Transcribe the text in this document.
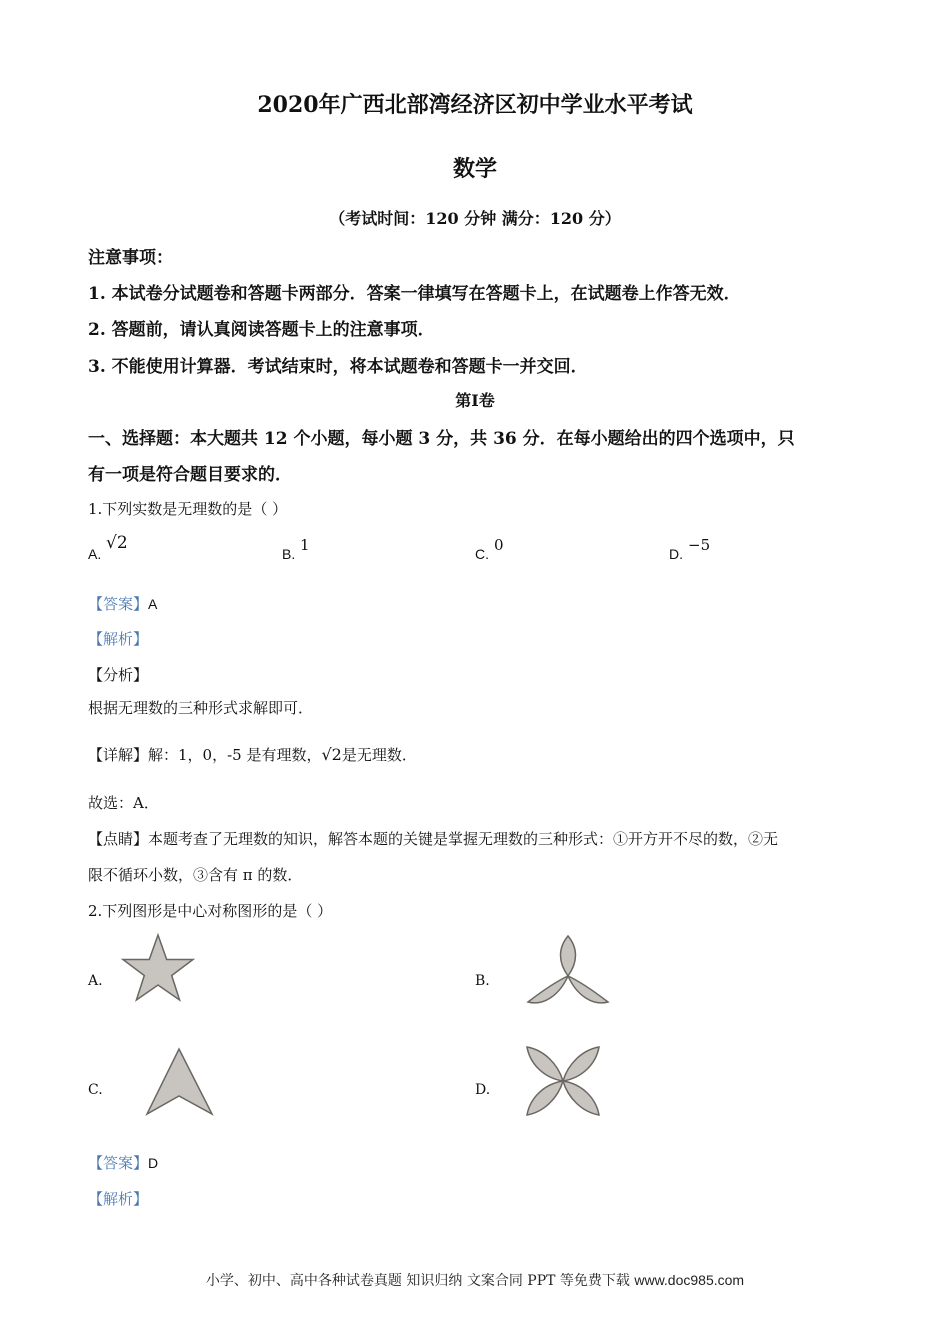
2020年广西北部湾经济区初中学业水平考试
数学
（考试时间：120 分钟 满分：120 分）
注意事项：
1. 本试卷分试题卷和答题卡两部分．答案一律填写在答题卡上，在试题卷上作答无效．
2. 答题前，请认真阅读答题卡上的注意事项．
3. 不能使用计算器．考试结束时，将本试题卷和答题卡一并交回．
第Ⅰ卷
一、选择题：本大题共 12 个小题，每小题 3 分，共 36 分．在每小题给出的四个选项中，只
有一项是符合题目要求的．
1.下列实数是无理数的是（ ）
A.
√2
B. 1	C. 0	D. −5
【答案】A
【解析】
【分析】
根据无理数的三种形式求解即可．
【详解】解：1，0，-5 是有理数，√2是无理数．
故选：A．
【点睛】本题考查了无理数的知识，解答本题的关键是掌握无理数的三种形式：①开方开不尽的数，②无
限不循环小数，③含有 π 的数．
2.下列图形是中心对称图形的是（ ）
A.	B.
C.	D.
【答案】D
【解析】
小学、初中、高中各种试卷真题 知识归纳 文案合同 PPT 等免费下载 www.doc985.com
